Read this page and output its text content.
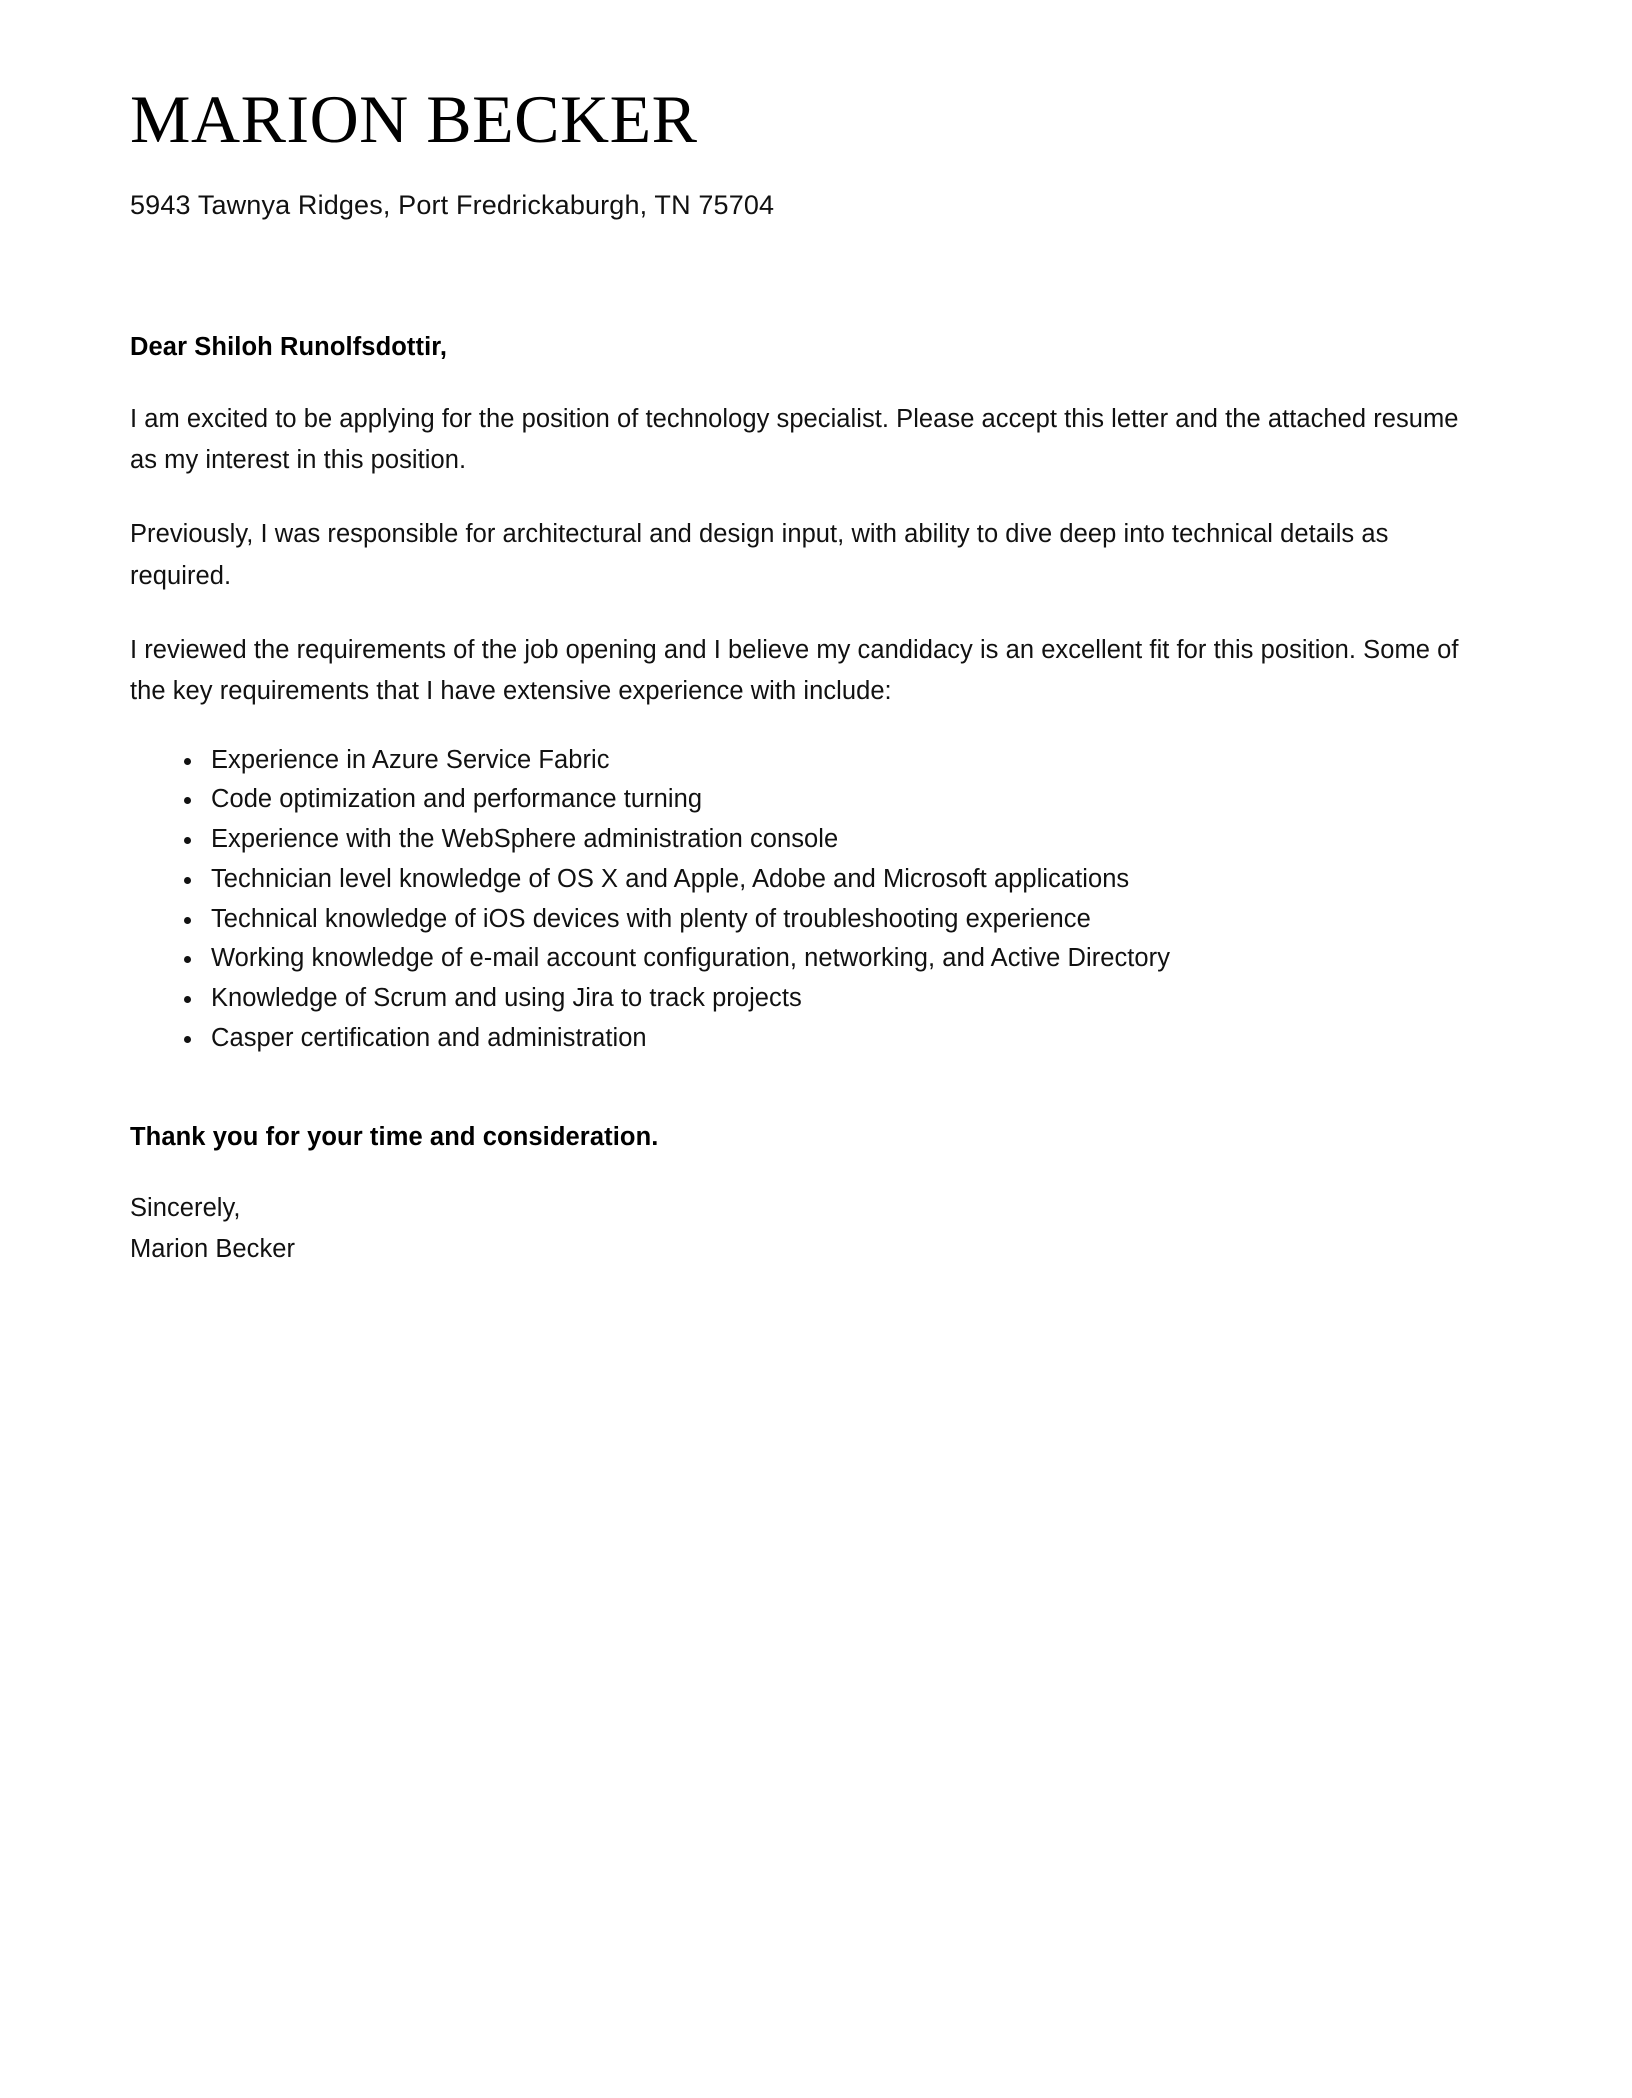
MARION BECKER
5943 Tawnya Ridges, Port Fredrickaburgh, TN 75704

Dear Shiloh Runolfsdottir,

I am excited to be applying for the position of technology specialist. Please accept this letter and the attached resume as my interest in this position.

Previously, I was responsible for architectural and design input, with ability to dive deep into technical details as required.

I reviewed the requirements of the job opening and I believe my candidacy is an excellent fit for this position. Some of the key requirements that I have extensive experience with include:

Experience in Azure Service Fabric
Code optimization and performance turning
Experience with the WebSphere administration console
Technician level knowledge of OS X and Apple, Adobe and Microsoft applications
Technical knowledge of iOS devices with plenty of troubleshooting experience
Working knowledge of e-mail account configuration, networking, and Active Directory
Knowledge of Scrum and using Jira to track projects
Casper certification and administration

Thank you for your time and consideration.

Sincerely,
Marion Becker
